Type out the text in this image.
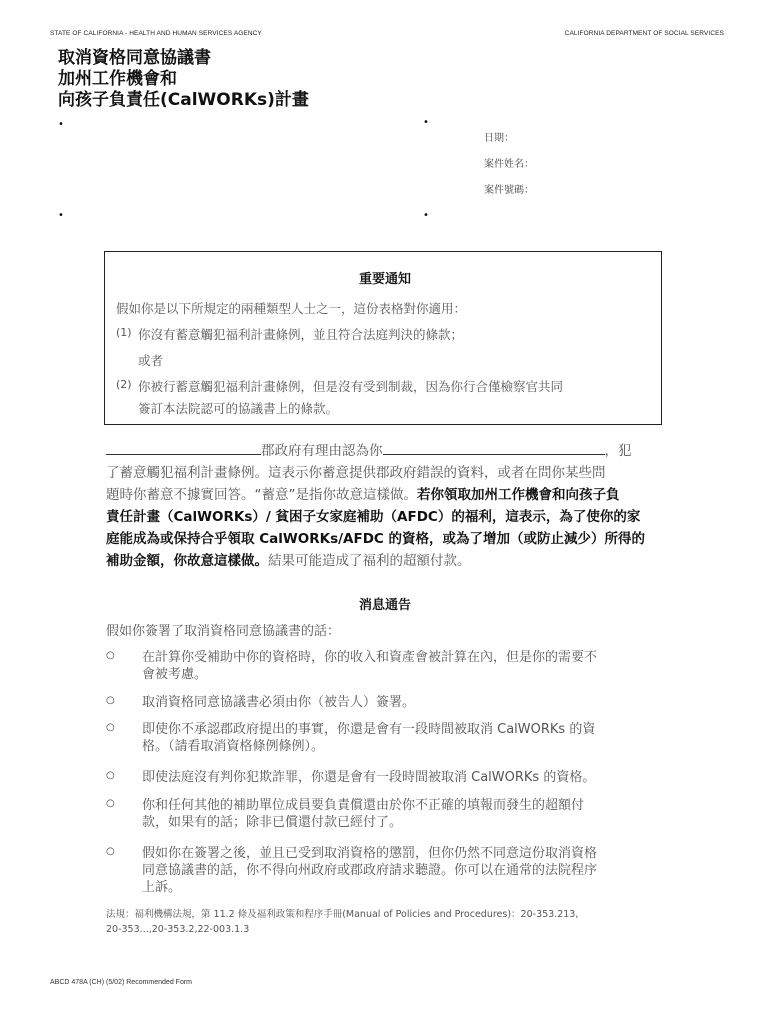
STATE OF CALIFORNIA - HEALTH AND HUMAN SERVICES AGENCY	CALIFORNIA DEPARTMENT OF SOCIAL SERVICES
取消資格同意協議書
加州工作機會和
向孩子負責任(CalWORKs)計畫
•	•
•	•
日期：
案件姓名：
案件號碼：
重要通知
假如你是以下所規定的兩種類型人士之一，這份表格對你適用：
(1) 你沒有蓄意觸犯福利計畫條例，並且符合法庭判決的條款；
或者
(2) 你被行蓄意觸犯福利計畫條例，但是沒有受到制裁，因為你行合僅檢察官共同
簽訂本法院認可的協議書上的條款。
郡政府有理由認為你	，犯
了蓄意觸犯福利計畫條例。這表示你蓄意提供郡政府錯誤的資料，或者在問你某些問
題時你蓄意不據實回答。“蓄意”是指你故意這樣做。若你領取加州工作機會和向孩子負
責任計畫（CalWORKs）/ 貧困子女家庭補助（AFDC）的福利，這表示，為了使你的家
庭能成為或保持合乎領取 CalWORKs/AFDC 的資格，或為了增加（或防止減少）所得的
補助金額，你故意這樣做。結果可能造成了福利的超額付款。
消息通告
假如你簽署了取消資格同意協議書的話：
○ 在計算你受補助中你的資格時，你的收入和資產會被計算在內，但是你的需要不
會被考慮。
○ 取消資格同意協議書必須由你（被告人）簽署。
○ 即使你不承認郡政府提出的事實，你還是會有一段時間被取消 CalWORKs 的資
格。（請看取消資格條例條例）。
○ 即使法庭沒有判你犯欺詐罪，你還是會有一段時間被取消 CalWORKs 的資格。
○ 你和任何其他的補助單位成員要負責償還由於你不正確的填報而發生的超額付
款，如果有的話；除非已償還付款已經付了。
○ 假如你在簽署之後，並且已受到取消資格的懲罰，但你仍然不同意這份取消資格
同意協議書的話，你不得向州政府或郡政府請求聽證。你可以在通常的法院程序
上訴。
法規：福利機構法規，第 11.2 條及福利政策和程序手冊(Manual of Policies and Procedures)：20-353.213,
20-353...,20-353.2,22-003.1.3
ABCD 478A (CH) (5/02) Recommended Form
